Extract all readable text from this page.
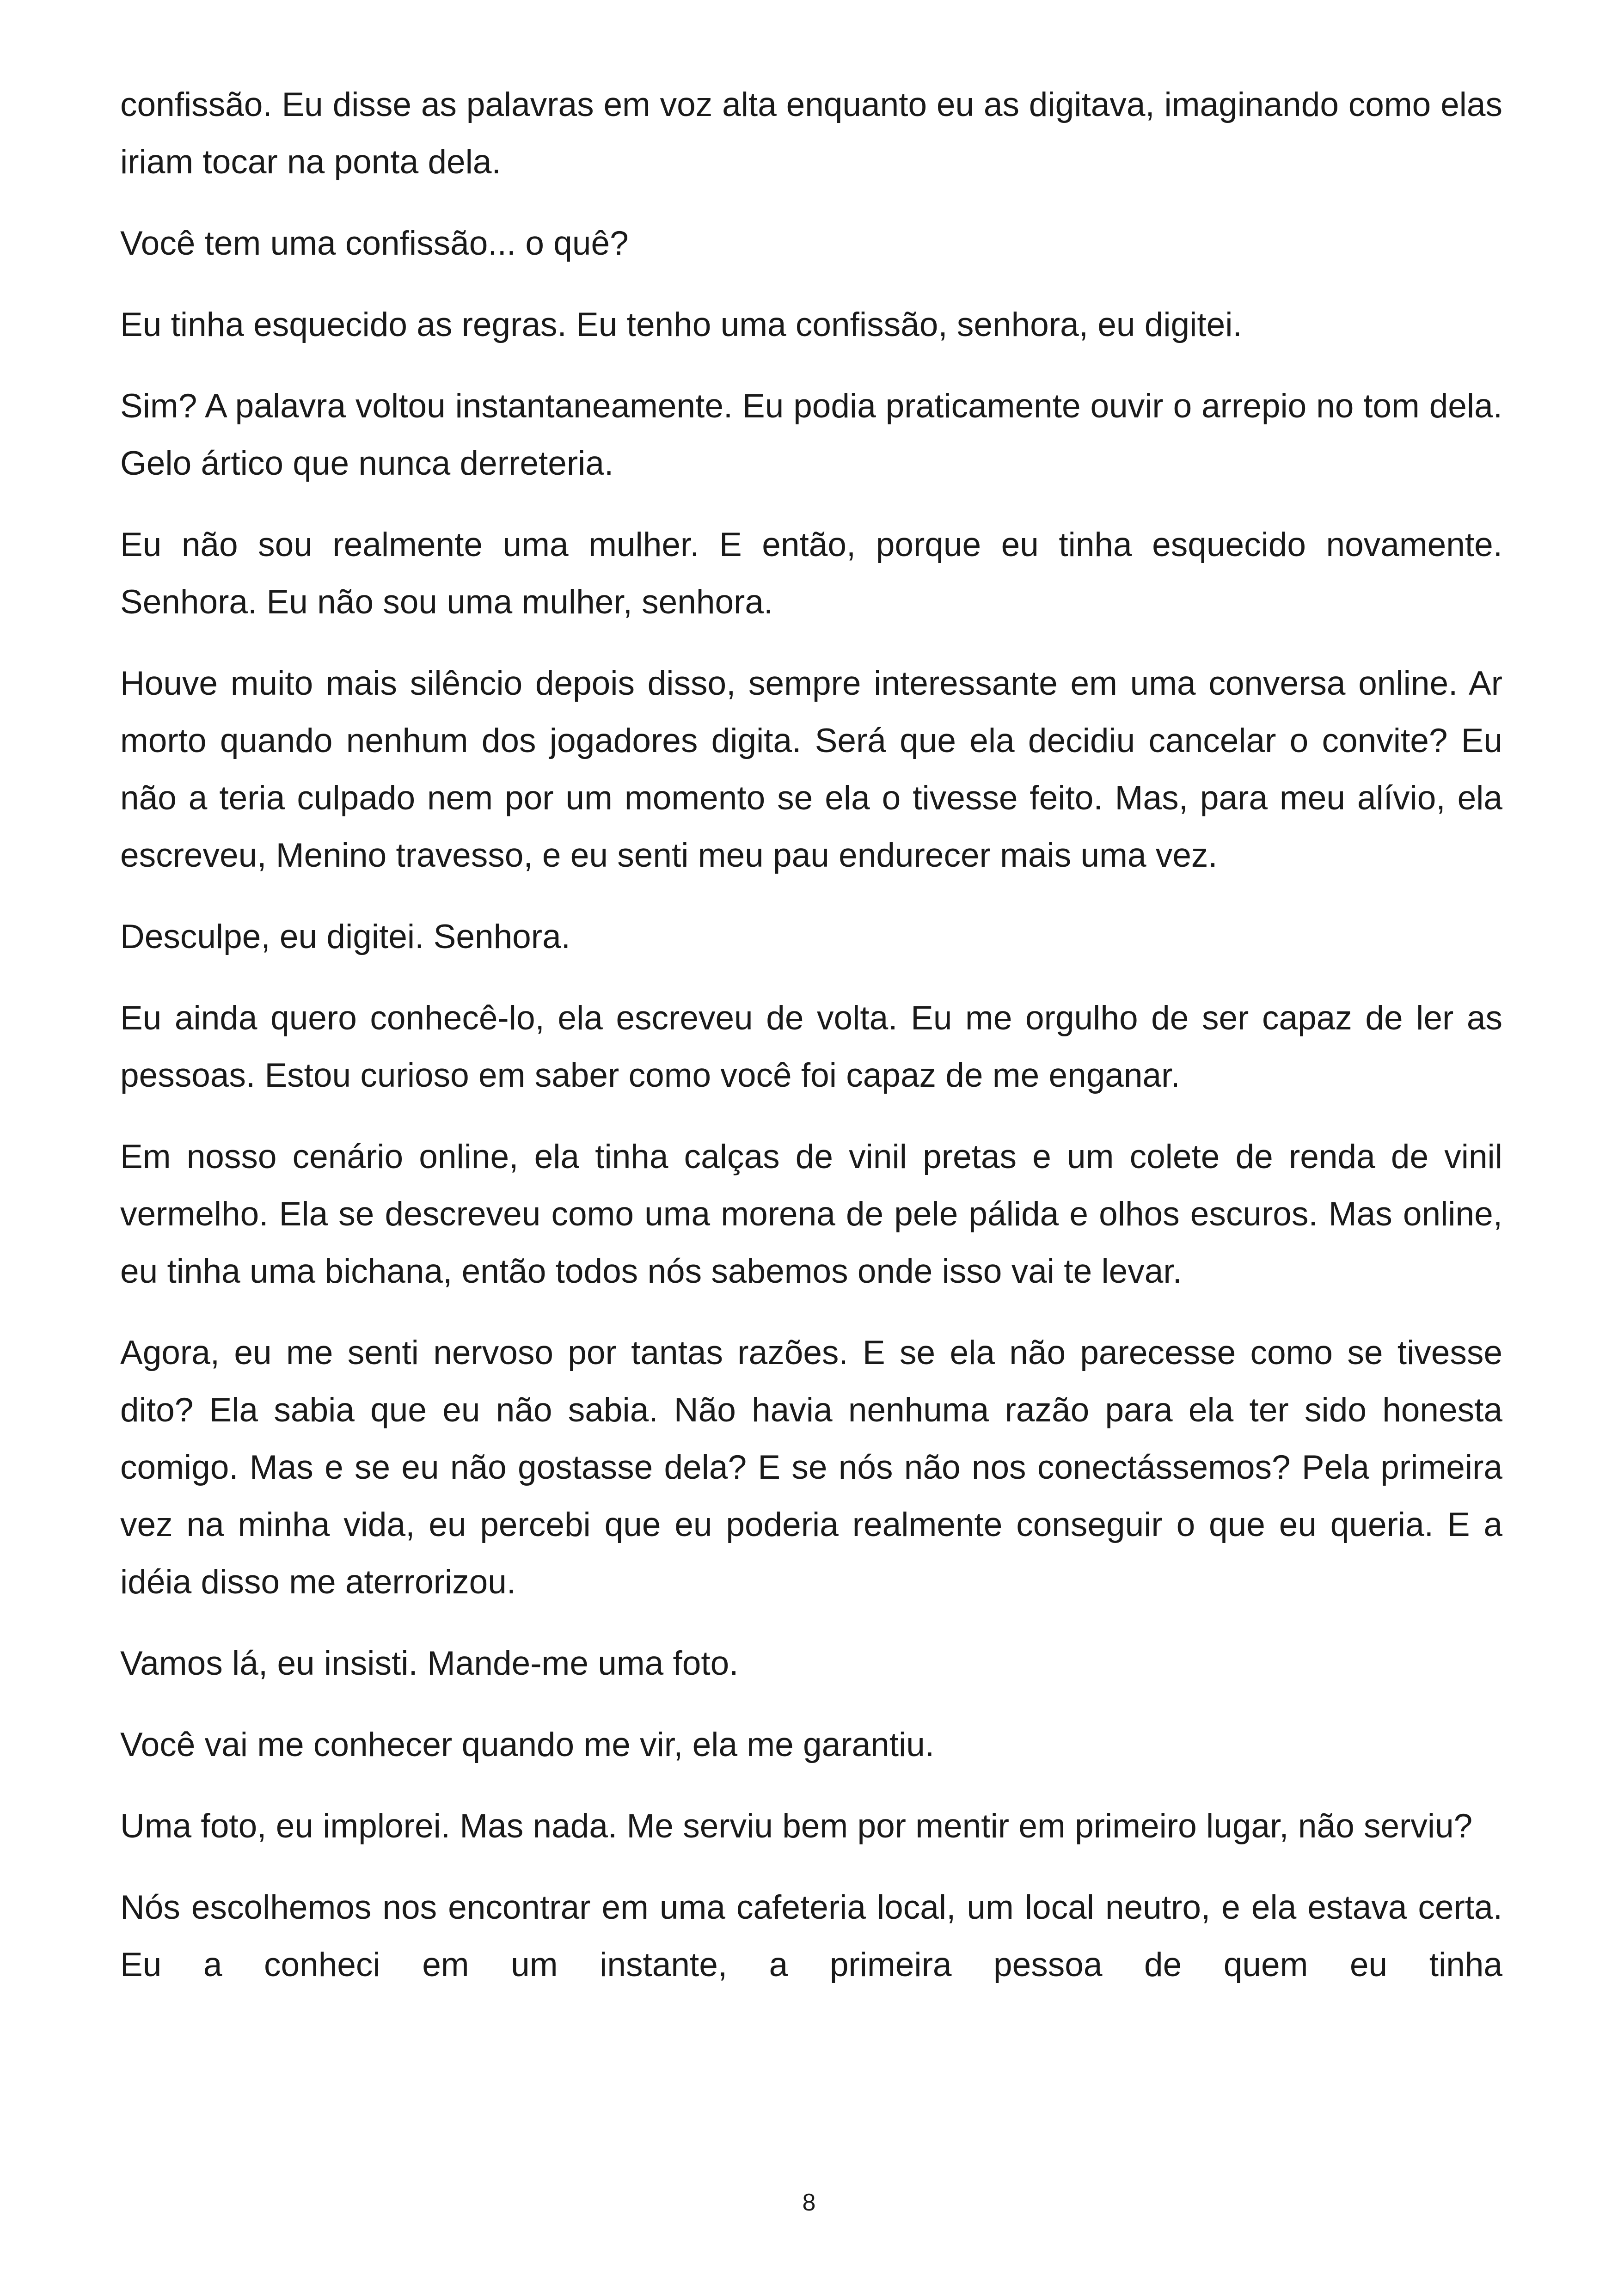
confissão. Eu disse as palavras em voz alta enquanto eu as digitava, imaginando como elas iriam tocar na ponta dela.

Você tem uma confissão... o quê?

Eu tinha esquecido as regras. Eu tenho uma confissão, senhora, eu digitei.

Sim? A palavra voltou instantaneamente. Eu podia praticamente ouvir o arrepio no tom dela. Gelo ártico que nunca derreteria.

Eu não sou realmente uma mulher. E então, porque eu tinha esquecido novamente. Senhora. Eu não sou uma mulher, senhora.

Houve muito mais silêncio depois disso, sempre interessante em uma conversa online. Ar morto quando nenhum dos jogadores digita. Será que ela decidiu cancelar o convite? Eu não a teria culpado nem por um momento se ela o tivesse feito. Mas, para meu alívio, ela escreveu, Menino travesso, e eu senti meu pau endurecer mais uma vez.

Desculpe, eu digitei. Senhora.

Eu ainda quero conhecê-lo, ela escreveu de volta. Eu me orgulho de ser capaz de ler as pessoas. Estou curioso em saber como você foi capaz de me enganar.

Em nosso cenário online, ela tinha calças de vinil pretas e um colete de renda de vinil vermelho. Ela se descreveu como uma morena de pele pálida e olhos escuros. Mas online, eu tinha uma bichana, então todos nós sabemos onde isso vai te levar.

Agora, eu me senti nervoso por tantas razões. E se ela não parecesse como se tivesse dito? Ela sabia que eu não sabia. Não havia nenhuma razão para ela ter sido honesta comigo. Mas e se eu não gostasse dela? E se nós não nos conectássemos? Pela primeira vez na minha vida, eu percebi que eu poderia realmente conseguir o que eu queria. E a idéia disso me aterrorizou.

Vamos lá, eu insisti. Mande-me uma foto.

Você vai me conhecer quando me vir, ela me garantiu.

Uma foto, eu implorei. Mas nada. Me serviu bem por mentir em primeiro lugar, não serviu?

Nós escolhemos nos encontrar em uma cafeteria local, um local neutro, e ela estava certa. Eu a conheci em um instante, a primeira pessoa de quem eu tinha

8
